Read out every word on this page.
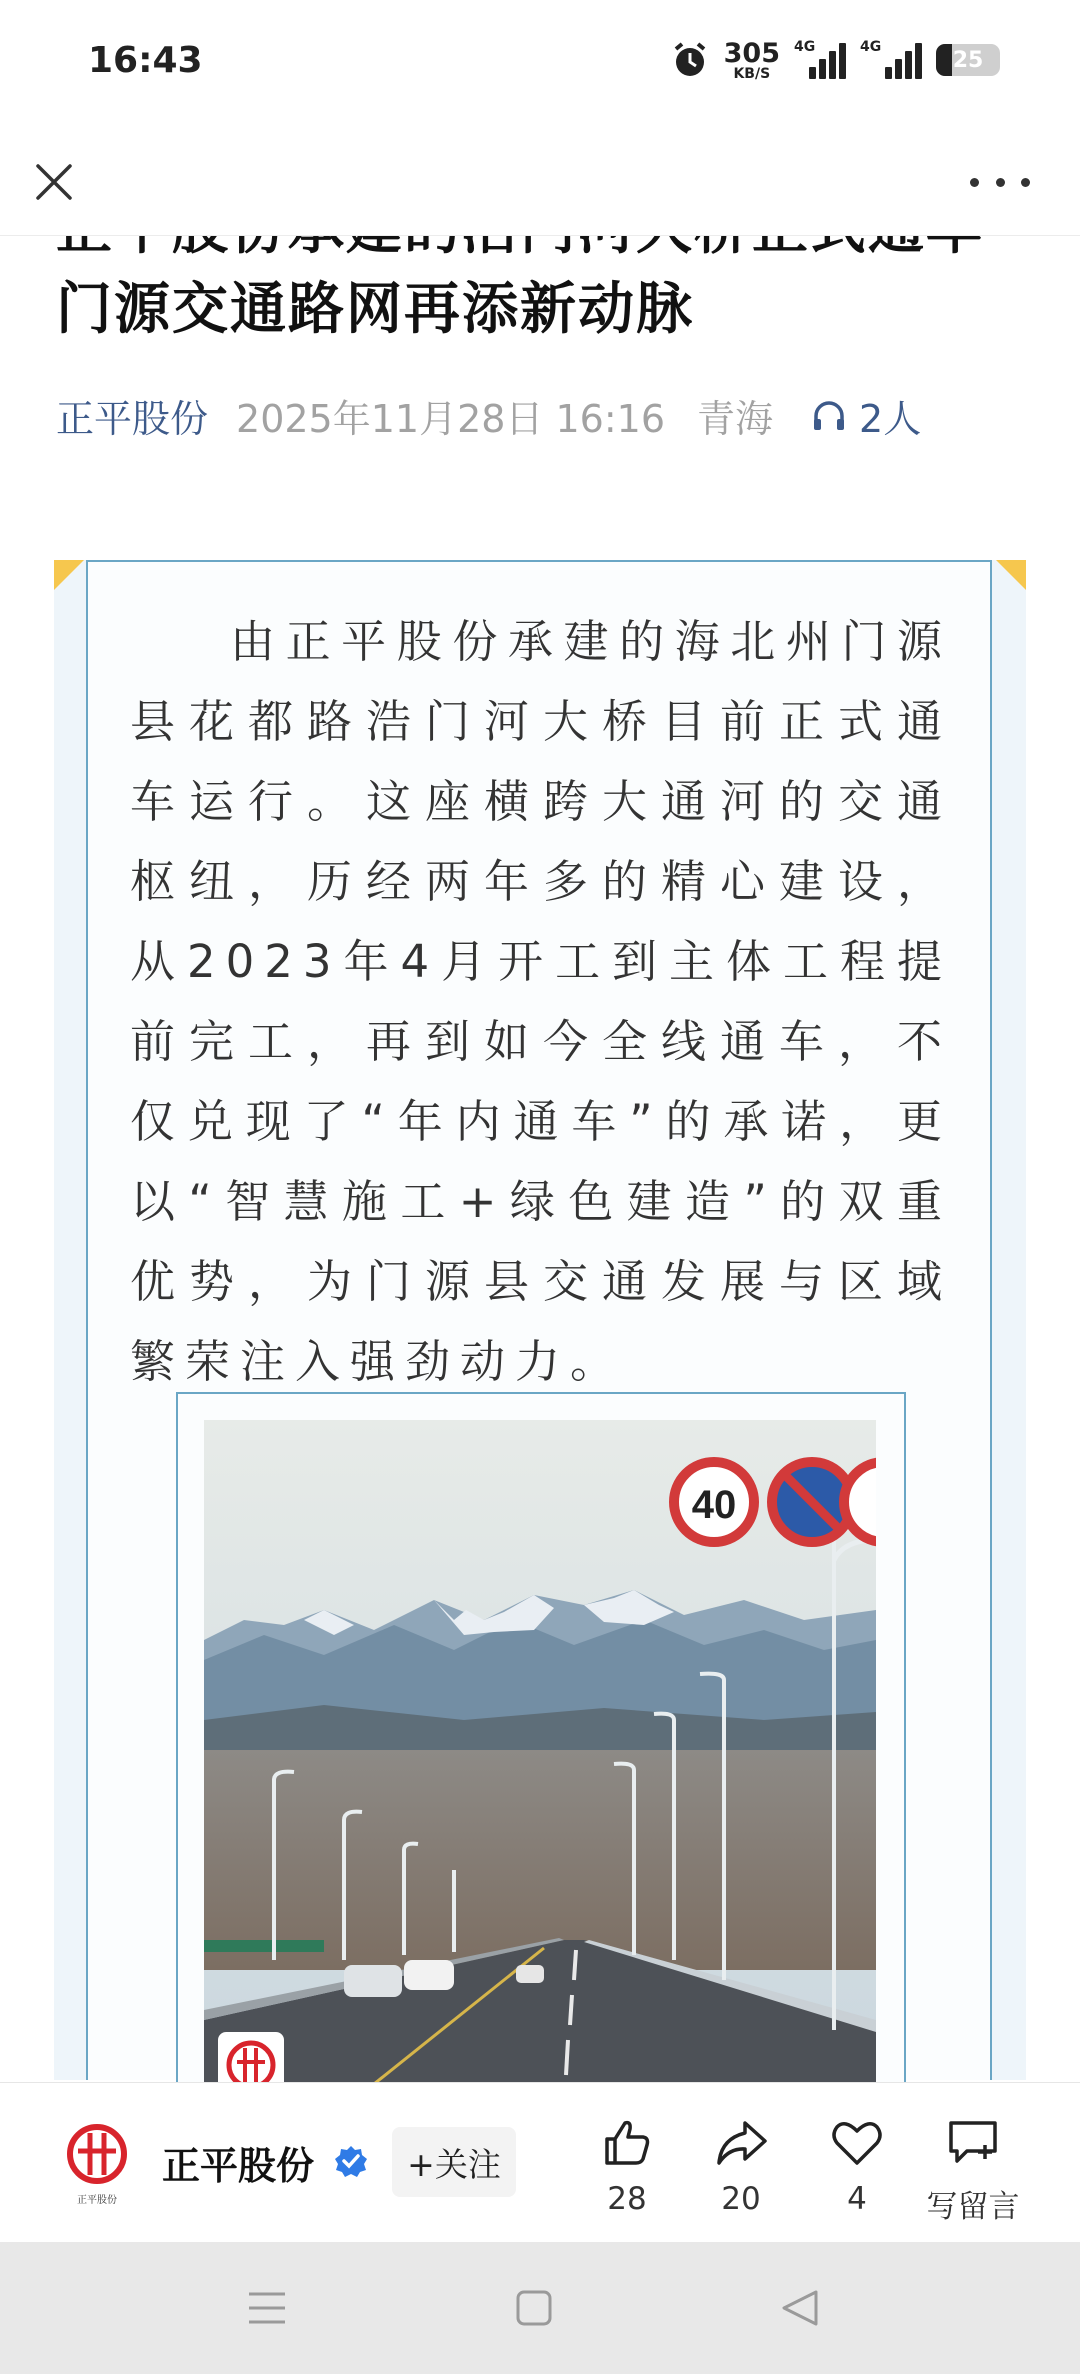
16:43	305
KB/S
4G	4G
25

门源交通路网再添新动脉
正平股份 2025年11月28日 16:16 青海 2人
由正平股份承建的海北州门源县花都路浩门河大桥目前正式通车运行。这座横跨大通河的交通枢纽，历经两年多的精心建设，从2023年4月开工到主体工程提前完工，再到如今全线通车，不仅兑现了“年内通车”的承诺，更以“智慧施工+绿色建造”的双重优势，为门源县交通发展与区域繁荣注入强劲动力。
40
正平股份
正平股份	+关注
28 20	4 写留言
